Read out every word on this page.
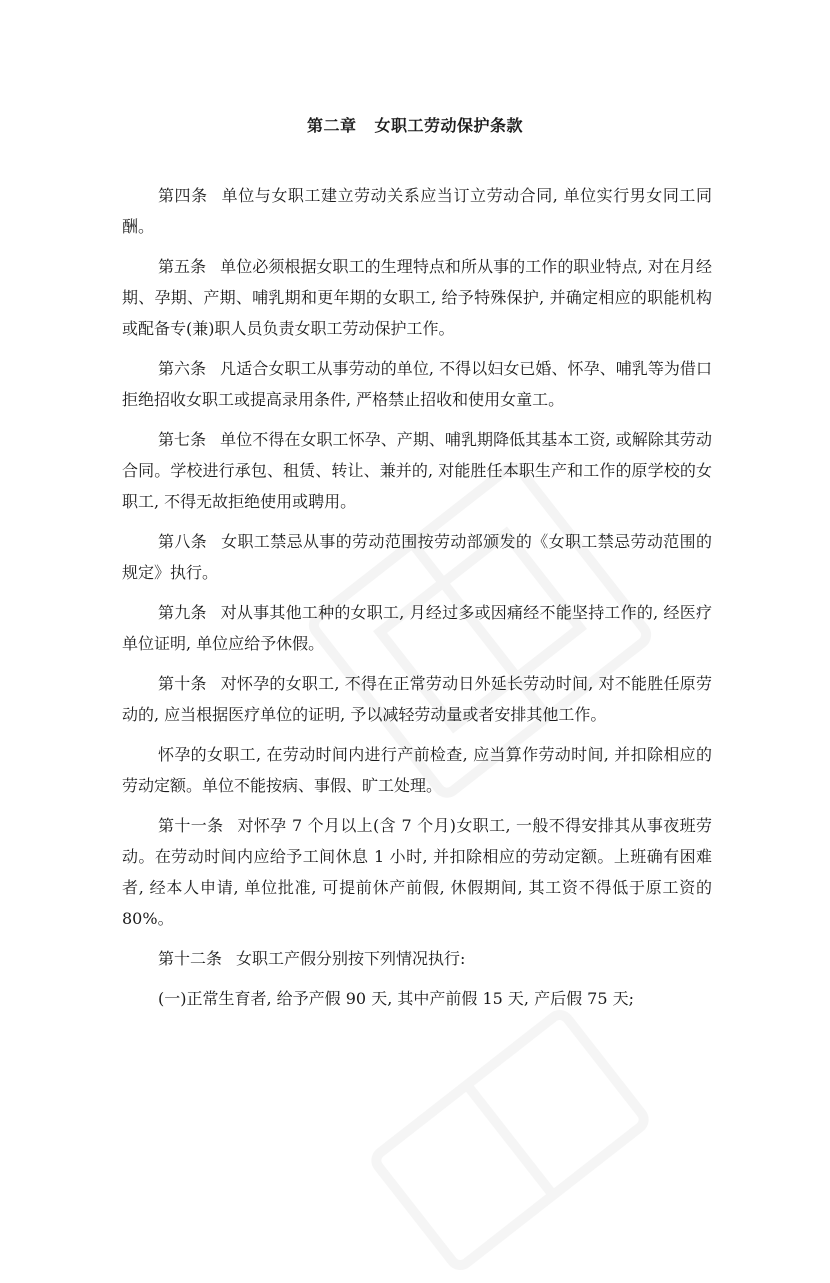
第二章 女职工劳动保护条款

第四条 单位与女职工建立劳动关系应当订立劳动合同, 单位实行男女同工同酬。

第五条 单位必须根据女职工的生理特点和所从事的工作的职业特点, 对在月经期、孕期、产期、哺乳期和更年期的女职工, 给予特殊保护, 并确定相应的职能机构或配备专(兼)职人员负责女职工劳动保护工作。

第六条 凡适合女职工从事劳动的单位, 不得以妇女已婚、怀孕、哺乳等为借口拒绝招收女职工或提高录用条件, 严格禁止招收和使用女童工。

第七条 单位不得在女职工怀孕、产期、哺乳期降低其基本工资, 或解除其劳动合同。学校进行承包、租赁、转让、兼并的, 对能胜任本职生产和工作的原学校的女职工, 不得无故拒绝使用或聘用。

第八条 女职工禁忌从事的劳动范围按劳动部颁发的《女职工禁忌劳动范围的规定》执行。

第九条 对从事其他工种的女职工, 月经过多或因痛经不能坚持工作的, 经医疗单位证明, 单位应给予休假。

第十条 对怀孕的女职工, 不得在正常劳动日外延长劳动时间, 对不能胜任原劳动的, 应当根据医疗单位的证明, 予以减轻劳动量或者安排其他工作。

怀孕的女职工, 在劳动时间内进行产前检查, 应当算作劳动时间, 并扣除相应的劳动定额。单位不能按病、事假、旷工处理。

第十一条 对怀孕 7 个月以上(含 7 个月)女职工, 一般不得安排其从事夜班劳动。在劳动时间内应给予工间休息 1 小时, 并扣除相应的劳动定额。上班确有困难者, 经本人申请, 单位批准, 可提前休产前假, 休假期间, 其工资不得低于原工资的 80%。

第十二条 女职工产假分别按下列情况执行:

(一)正常生育者, 给予产假 90 天, 其中产前假 15 天, 产后假 75 天;
